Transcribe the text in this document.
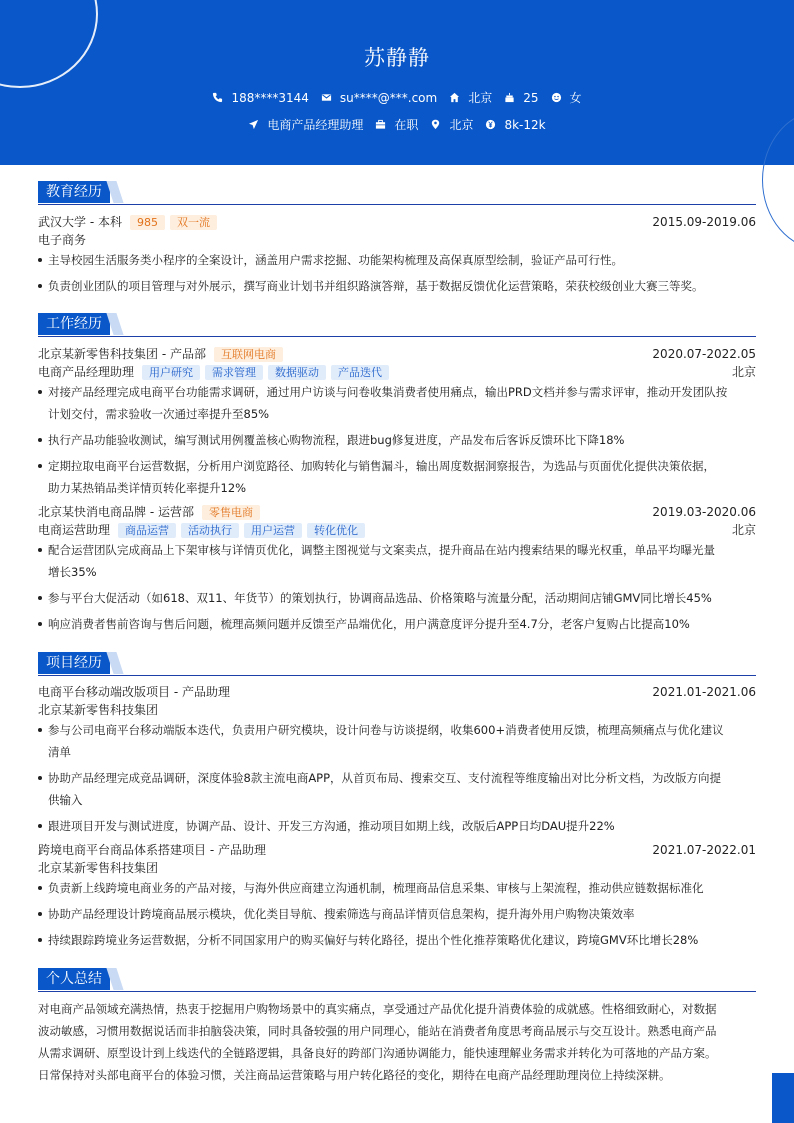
苏静静
188****3144	su****@***.com	北京	25	女
电商产品经理助理	在职	北京	8k-12k
教育经历
武汉大学 - 本科	985	双一流	2015.09-2019.06
电子商务
主导校园生活服务类小程序的全案设计，涵盖用户需求挖掘、功能架构梳理及高保真原型绘制，验证产品可行性。
负责创业团队的项目管理与对外展示，撰写商业计划书并组织路演答辩，基于数据反馈优化运营策略，荣获校级创业大赛三等奖。
工作经历
北京某新零售科技集团 - 产品部	互联网电商	2020.07-2022.05
电商产品经理助理	用户研究	需求管理	数据驱动	产品迭代	北京
对接产品经理完成电商平台功能需求调研，通过用户访谈与问卷收集消费者使用痛点，输出PRD文档并参与需求评审，推动开发团队按
计划交付，需求验收一次通过率提升至85%
执行产品功能验收测试，编写测试用例覆盖核心购物流程，跟进bug修复进度，产品发布后客诉反馈环比下降18%
定期拉取电商平台运营数据，分析用户浏览路径、加购转化与销售漏斗，输出周度数据洞察报告，为选品与页面优化提供决策依据，
助力某热销品类详情页转化率提升12%
北京某快消电商品牌 - 运营部	零售电商	2019.03-2020.06
电商运营助理	商品运营	活动执行	用户运营	转化优化	北京
配合运营团队完成商品上下架审核与详情页优化，调整主图视觉与文案卖点，提升商品在站内搜索结果的曝光权重，单品平均曝光量
增长35%
参与平台大促活动（如618、双11、年货节）的策划执行，协调商品选品、价格策略与流量分配，活动期间店铺GMV同比增长45%
响应消费者售前咨询与售后问题，梳理高频问题并反馈至产品端优化，用户满意度评分提升至4.7分，老客户复购占比提高10%
项目经历
电商平台移动端改版项目 - 产品助理	2021.01-2021.06
北京某新零售科技集团
参与公司电商平台移动端版本迭代，负责用户研究模块，设计问卷与访谈提纲，收集600+消费者使用反馈，梳理高频痛点与优化建议
清单
协助产品经理完成竞品调研，深度体验8款主流电商APP，从首页布局、搜索交互、支付流程等维度输出对比分析文档，为改版方向提
供输入
跟进项目开发与测试进度，协调产品、设计、开发三方沟通，推动项目如期上线，改版后APP日均DAU提升22%
跨境电商平台商品体系搭建项目 - 产品助理	2021.07-2022.01
北京某新零售科技集团
负责新上线跨境电商业务的产品对接，与海外供应商建立沟通机制，梳理商品信息采集、审核与上架流程，推动供应链数据标准化
协助产品经理设计跨境商品展示模块，优化类目导航、搜索筛选与商品详情页信息架构，提升海外用户购物决策效率
持续跟踪跨境业务运营数据，分析不同国家用户的购买偏好与转化路径，提出个性化推荐策略优化建议，跨境GMV环比增长28%
个人总结
对电商产品领域充满热情，热衷于挖掘用户购物场景中的真实痛点，享受通过产品优化提升消费体验的成就感。性格细致耐心，对数据
波动敏感，习惯用数据说话而非拍脑袋决策，同时具备较强的用户同理心，能站在消费者角度思考商品展示与交互设计。熟悉电商产品
从需求调研、原型设计到上线迭代的全链路逻辑，具备良好的跨部门沟通协调能力，能快速理解业务需求并转化为可落地的产品方案。
日常保持对头部电商平台的体验习惯，关注商品运营策略与用户转化路径的变化，期待在电商产品经理助理岗位上持续深耕。
